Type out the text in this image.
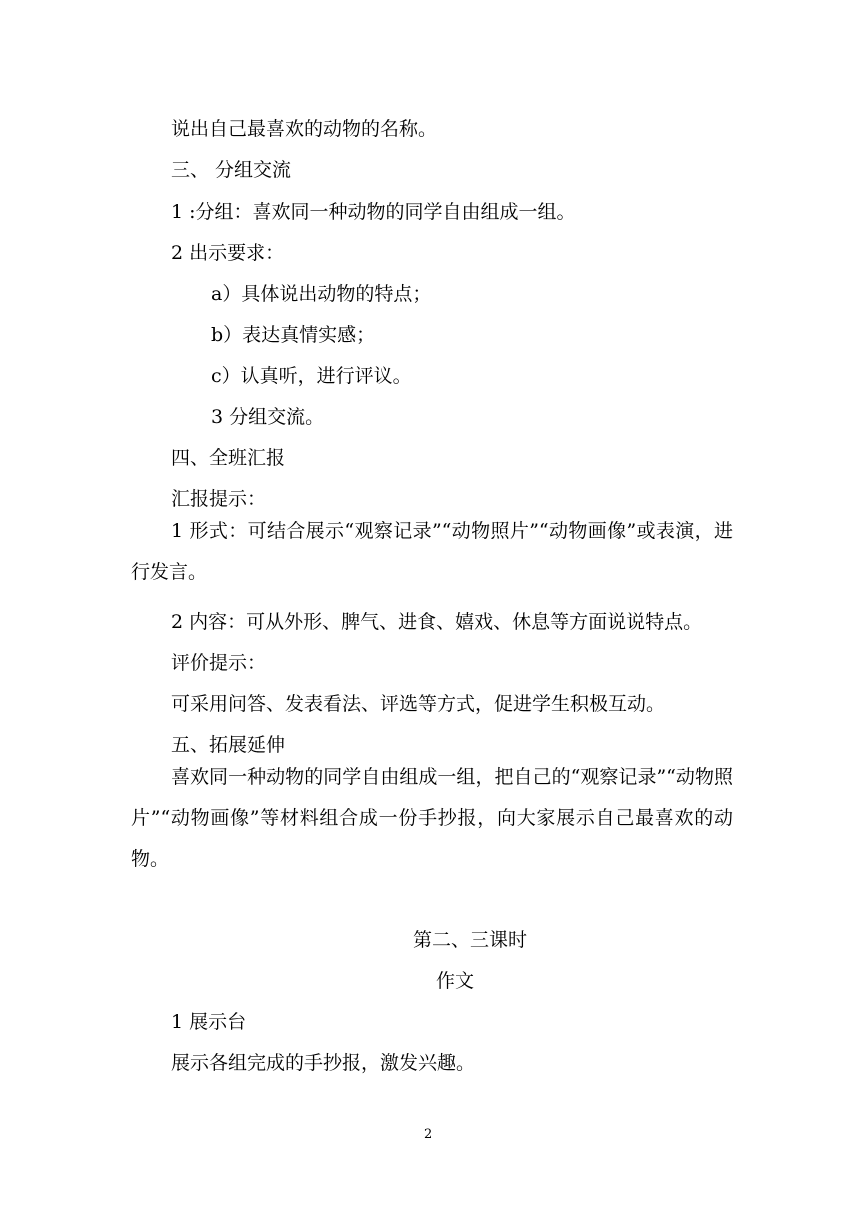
说出自己最喜欢的动物的名称。

三、 分组交流

1 :分组：喜欢同一种动物的同学自由组成一组。

2 出示要求：

a）具体说出动物的特点；

b）表达真情实感；

c）认真听，进行评议。

3 分组交流。

四、全班汇报

汇报提示：

1 形式：可结合展示“观察记录”“动物照片”“动物画像”或表演，进行发言。

2 内容：可从外形、脾气、进食、嬉戏、休息等方面说说特点。

评价提示：

可采用问答、发表看法、评选等方式，促进学生积极互动。

五、拓展延伸

喜欢同一种动物的同学自由组成一组，把自己的“观察记录”“动物照片”“动物画像”等材料组合成一份手抄报，向大家展示自己最喜欢的动物。

第二、三课时

作文

1 展示台

展示各组完成的手抄报，激发兴趣。

2
